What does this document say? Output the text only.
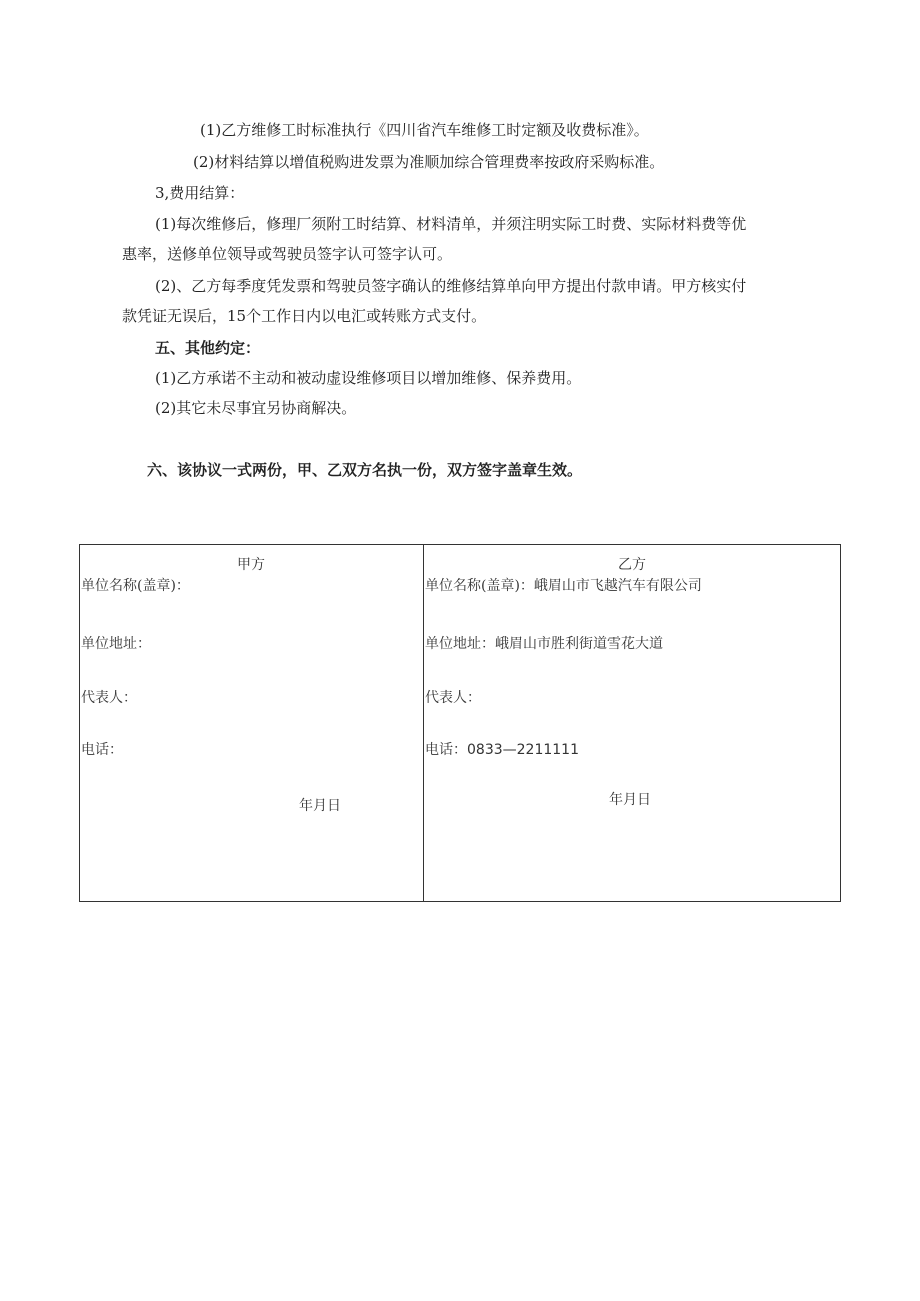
(1)乙方维修工时标准执行《四川省汽车维修工时定额及收费标准》。
(2)材料结算以增值税购进发票为准顺加综合管理费率按政府采购标准。
3,费用结算：
(1)每次维修后，修理厂须附工时结算、材料清单，并须注明实际工时费、实际材料费等优
惠率，送修单位领导或驾驶员签字认可签字认可。
(2)、乙方每季度凭发票和驾驶员签字确认的维修结算单向甲方提出付款申请。甲方核实付
款凭证无误后，15个工作日内以电汇或转账方式支付。
五、其他约定：
(1)乙方承诺不主动和被动虚设维修项目以增加维修、保养费用。
(2)其它未尽事宜另协商解决。
六、该协议一式两份，甲、乙双方名执一份，双方签字盖章生效。
甲方
单位名称(盖章)：
单位地址：
代表人：
电话：
年月日
乙方
单位名称(盖章)：峨眉山市飞越汽车有限公司
单位地址：峨眉山市胜利街道雪花大道
代表人：
电话：0833—2211111
年月日
